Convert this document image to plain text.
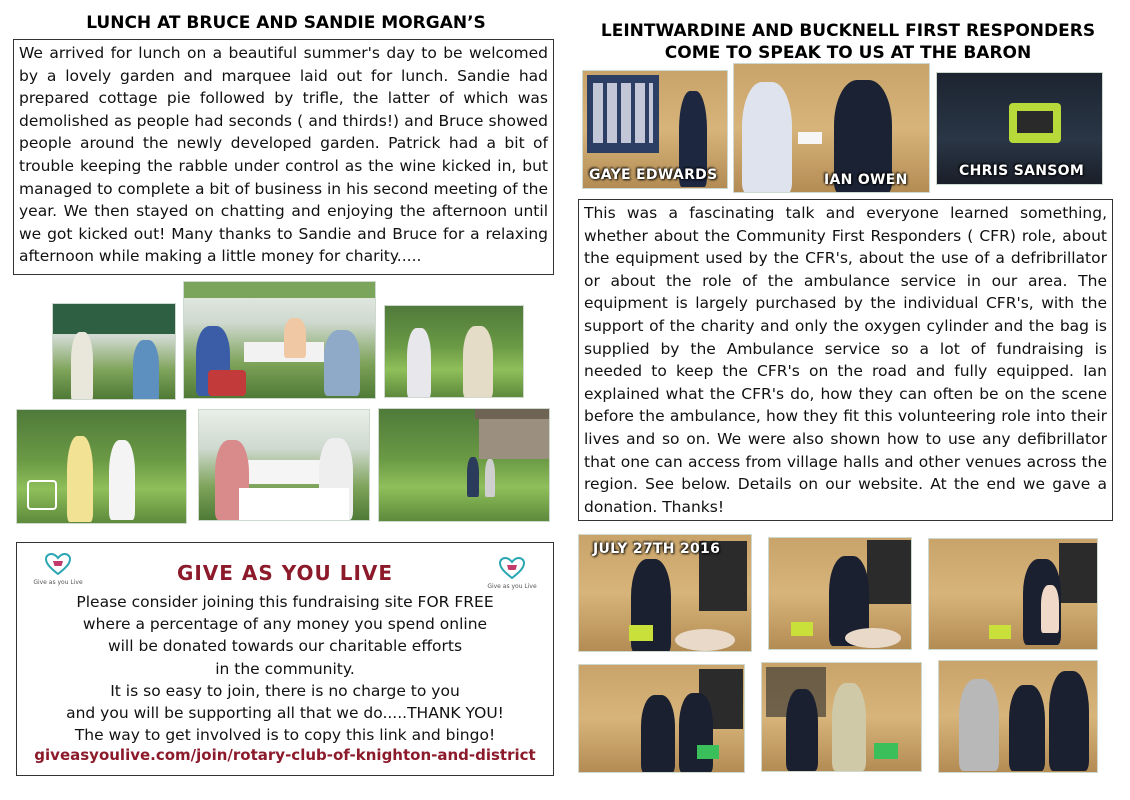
LUNCH AT BRUCE AND SANDIE MORGAN’S

We arrived for lunch on a beautiful summer's day to be welcomed by a lovely garden and marquee laid out for lunch. Sandie had prepared cottage pie followed by trifle, the latter of which was demolished as people had seconds ( and thirds!) and Bruce showed people around the newly developed garden. Patrick had a bit of trouble keeping the rabble under control as the wine kicked in, but managed to complete a bit of business in his second meeting of the year. We then stayed on chatting and enjoying the afternoon until we got kicked out! Many thanks to Sandie and Bruce for a relaxing afternoon while making a little money for charity.....

Give as you Live
Give as you Live
GIVE AS YOU LIVE
Please consider joining this fundraising site FOR FREE
where a percentage of any money you spend online
will be donated towards our charitable efforts
in the community.
It is so easy to join, there is no charge to you
and you will be supporting all that we do.....THANK YOU!
The way to get involved is to copy this link and bingo!
giveasyoulive.com/join/rotary-club-of-knighton-and-district
LEINTWARDINE AND BUCKNELL FIRST RESPONDERS
COME TO SPEAK TO US AT THE BARON
GAYE EDWARDS	IAN OWEN
CHRIS SANSOM

This was a fascinating talk and everyone learned something, whether about the Community First Responders ( CFR) role, about the equipment used by the CFR's, about the use of a defribrillator or about the role of the ambulance service in our area. The equipment is largely purchased by the individual CFR's, with the support of the charity and only the oxygen cylinder and the bag is supplied by the Ambulance service so a lot of fundraising is needed to keep the CFR's on the road and fully equipped. Ian explained what the CFR's do, how they can often be on the scene before the ambulance, how they fit this volunteering role into their lives and so on. We were also shown how to use any defibrillator that one can access from village halls and other venues across the region. See below. Details on our website. At the end we gave a donation. Thanks!

JULY 27TH 2016
